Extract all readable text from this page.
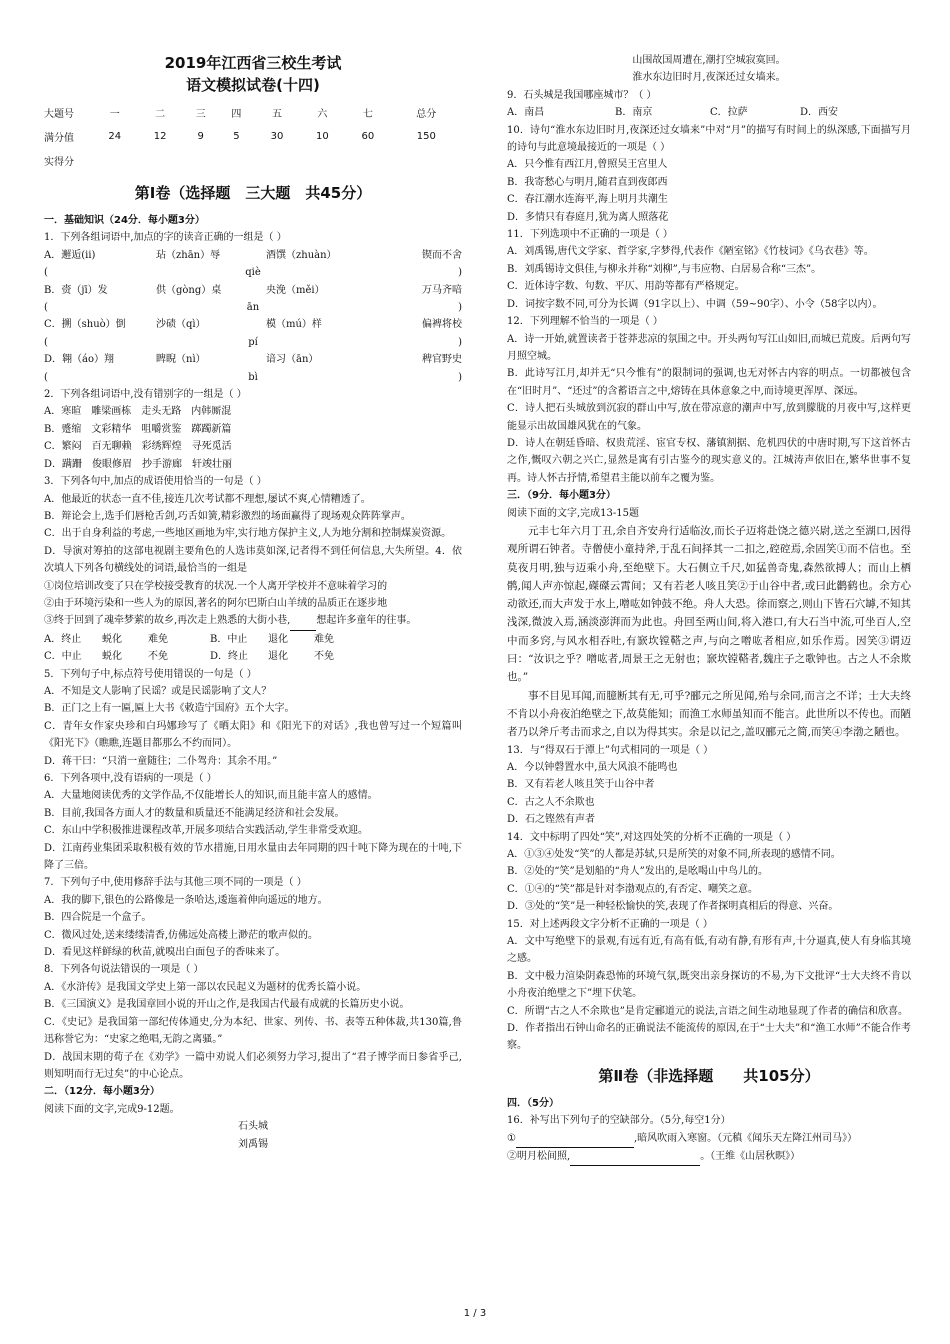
2019年江西省三校生考试
语文模拟试卷(十四)
大题号	一	二	三	四	五	六	七	总分
满分值	24	12	9	5	30	10	60	150
实得分								
第Ⅰ卷（选择题　三大题　共45分）

一．基础知识（24分．每小题3分）

1．下列各组词语中,加点的字的读音正确的一组是（ ）

A．邂逅(ⅱ)	玷（zhān）辱	酒馔（zhuàn）	锲而不舍
(	qiè	)
B．赍（jī）发	供（gòng）桌	央浼（měi）	万马齐喑
(	ān	)
C．搠（shuò）倒	沙碛（qì）	模（mú）样	偏裨将校
(	pí	)
D．翱（áo）翔	睥睨（nì）	谙习（ān）	稗官野史
(	bì	)

2．下列各组词语中,没有错别字的一组是（ ）

A．寒暄　雕梁画栋　走头无路　内韩厮混

B．蹙缩　文彩精华　咀嚼赏鉴　踯躅新篇

C．繁闷　百无聊赖　彩绣辉煌　寻死觅活

D．蹒跚　俊眼修眉　抄手游廊　轩竣壮丽

3．下列各句中,加点的成语使用恰当的一句是（ ）

A．他最近的状态一直不佳,接连几次考试都不理想,屡试不爽,心情糟透了。

B．辩论会上,选手们唇枪舌剑,巧舌如簧,精彩激烈的场面赢得了现场观众阵阵掌声。

C．出于自身利益的考虑,一些地区画地为牢,实行地方保护主义,人为地分割和控制煤炭资源。

D．导演对筹拍的这部电视剧主要角色的人选讳莫如深,记者得不到任何信息,大失所望。4．依次填人下列各句横线处的词语,最恰当的一组是

①岗位培训改变了只在学校接受教育的状况.一个人离开学校并不意味着学习的

②由于环境污染和一些人为的原因,著名的阿尔巴斯白山羊绒的品质正在逐步地

③终于回到了魂牵梦萦的故乡,再次走上熟悉的大街小巷,	想起许多童年的往事。

A．终止	蜕化	难免	B．中止	退化	难免
C．中止	蜕化	不免	D．终止	退化	不免

5．下列句子中,标点符号使用错误的一句是（ ）

A．不知是文人影响了民谣？或是民谣影响了文人？

B．正门之上有一匾,匾上大书《敕造宁国府》五个大字。

C．青年女作家央珍和白玛娜珍写了《晒太阳》和《阳光下的对话》,我也曾写过一个短篇叫《阳光下》（瞧瞧,连题目都那么不约而同）。

D．蒋干曰：“只消一童随往；二仆驾舟：其余不用。”

6．下列各项中,没有语病的一项是（ ）

A．大量地阅读优秀的文学作品,不仅能增长人的知识,而且能丰富人的感情。

B．目前,我国各方面人才的数量和质量还不能满足经济和社会发展。

C．东山中学积极推进课程改革,开展多项结合实践活动,学生非常受欢迎。

D．江南药业集团采取积极有效的节水措施,日用水量由去年同期的四十吨下降为现在的十吨,下降了三倍。

7．下列句子中,使用修辞手法与其他三项不同的一项是（ ）

A．我的脚下,银色的公路像是一条哈达,逶迤着伸向遥远的地方。

B．四合院是一个盒子。

C．微风过处,送来缕缕清香,仿佛远处高楼上渺茫的歌声似的。

D．看见这样鲜绿的秋苗,就嗅出白面包子的香味来了。

8．下列各句说法错误的一项是（ ）

A．《水浒传》是我国文学史上第一部以农民起义为题材的优秀长篇小说。

B．《三国演义》是我国章回小说的开山之作,是我国古代最有成就的长篇历史小说。

C．《史记》是我国第一部纪传体通史,分为本纪、世家、列传、书、表等五种体裁,共130篇,鲁迅称誉它为：“史家之绝唱,无韵之离骚。”

D．战国末期的荀子在《劝学》一篇中劝说人们必须努力学习,提出了“君子博学而日参省乎己,则知明而行无过矣”的中心论点。

二．（12分．每小题3分）

阅读下面的文字,完成9-12题。

石头城

刘禹锡

山围故国周遭在,潮打空城寂寞回。

淮水东边旧时月,夜深还过女墙来。

9．石头城是我国哪座城市？（ ）

A．南昌	B．南京	C．拉萨	D．西安

10．诗句“淮水东边旧时月,夜深还过女墙来”中对“月”的描写有时间上的纵深感,下面描写月的诗句与此意境最接近的一项是（ ）

A．只今惟有西江月,曾照吴王宫里人

B．我寄愁心与明月,随君直到夜郎西

C．春江潮水连海平,海上明月共潮生

D．多情只有春庭月,犹为离人照落花

11．下列选项中不正确的一项是（ ）

A．刘禹锡,唐代文学家、哲学家,字梦得,代表作《陋室铭》《竹枝词》《乌衣巷》等。

B．刘禹锡诗文俱佳,与柳永并称“刘柳”,与韦应物、白居易合称“三杰”。

C．近体诗字数、句数、平仄、用韵等都有严格规定。

D．词按字数不同,可分为长调（91字以上）、中调（59~90字）、小令（58字以内）。

12．下列理解不恰当的一项是（ ）

A．诗一开始,就置读者于苍莽悲凉的氛围之中。开头两句写江山如旧,而城已荒废。后两句写月照空城。

B．此诗写江月,却并无“只今惟有”的限制词的强调,也无对怀古内容的明点。一切都被包含在“旧时月”、“还过”的含蓄语言之中,熔铸在具体意象之中,而诗境更浑厚、深远。

C．诗人把石头城放到沉寂的群山中写,放在带凉意的潮声中写,放到朦胧的月夜中写,这样更能显示出故国雄风犹在的气象。

D．诗人在朝廷昏暗、权贵荒淫、宦官专权、藩镇割据、危机四伏的中唐时期,写下这首怀古之作,慨叹六朝之兴亡,显然是寓有引古鉴今的现实意义的。江城涛声依旧在,繁华世事不复再。诗人怀古抒情,希望君主能以前车之覆为鉴。

三．（9分．每小题3分）

阅读下面的文字,完成13-15题

元丰七年六月丁丑,余自齐安舟行适临汝,而长子迈将赴饶之德兴尉,送之至湖口,因得观所谓石钟者。寺僧使小童持斧,于乱石间择其一二扣之,硿硿焉,余固笑①而不信也。至莫夜月明,独与迈乘小舟,至绝壁下。大石侧立千尺,如猛兽奇鬼,森然欲搏人；而山上栖鹘,闻人声亦惊起,磔磔云霄间；又有若老人咳且笑②于山谷中者,或曰此鹳鹤也。余方心动欲还,而大声发于水上,噌吰如钟鼓不绝。舟人大恐。徐而察之,则山下皆石穴罅,不知其浅深,微波入焉,涵淡澎湃而为此也。舟回至两山间,将入港口,有大石当中流,可坐百人,空中而多窍,与风水相吞吐,有窾坎镗鞳之声,与向之噌吰者相应,如乐作焉。因笑③谓迈曰：“汝识之乎？噌吰者,周景王之无射也；窾坎镗鞳者,魏庄子之歌钟也。古之人不余欺也。”

事不目见耳闻,而臆断其有无,可乎?郦元之所见闻,殆与余同,而言之不详；士大夫终不肯以小舟夜泊绝壁之下,故莫能知；而渔工水师虽知而不能言。此世所以不传也。而陋者乃以斧斤考击而求之,自以为得其实。余是以记之,盖叹郦元之简,而笑④李渤之陋也。

13．与“得双石于潭上”句式相同的一项是（ ）

A．今以钟磬置水中,虽大风浪不能鸣也

B．又有若老人咳且笑于山谷中者

C．古之人不余欺也

D．石之铿然有声者

14．文中标明了四处“笑”,对这四处笑的分析不正确的一项是（ ）

A．①③④处发“笑”的人都是苏轼,只是所笑的对象不同,所表现的感情不同。

B．②处的“笑”是划船的“舟人”发出的,是吆喝山中鸟儿的。

C．①④的“笑”都是针对李渤观点的,有否定、嘲笑之意。

D．③处的“笑”是一种轻松愉快的笑,表现了作者探明真相后的得意、兴奋。

15．对上述两段文字分析不正确的一项是（ ）

A．文中写绝壁下的景观,有远有近,有高有低,有动有静,有形有声,十分逼真,使人有身临其境之感。

B．文中极力渲染阴森恐怖的环境气氛,既突出亲身探访的不易,为下文批评“士大夫终不肯以小舟夜泊绝壁之下”埋下伏笔。

C．所谓“古之人不余欺也”是肯定郦道元的说法,言语之间生动地显现了作者的确信和欣喜。

D．作者指出石钟山命名的正确说法不能流传的原因,在于“士大夫”和“渔工水师”不能合作考察。

第Ⅱ卷（非选择题　　共105分）

四．（5分）

16．补写出下列句子的空缺部分。（5分,每空1分）

①	,暗风吹雨入寒窗。（元稹《闻乐天左降江州司马》）

②明月松间照,	。（王维《山居秋暝》）

1 / 3
